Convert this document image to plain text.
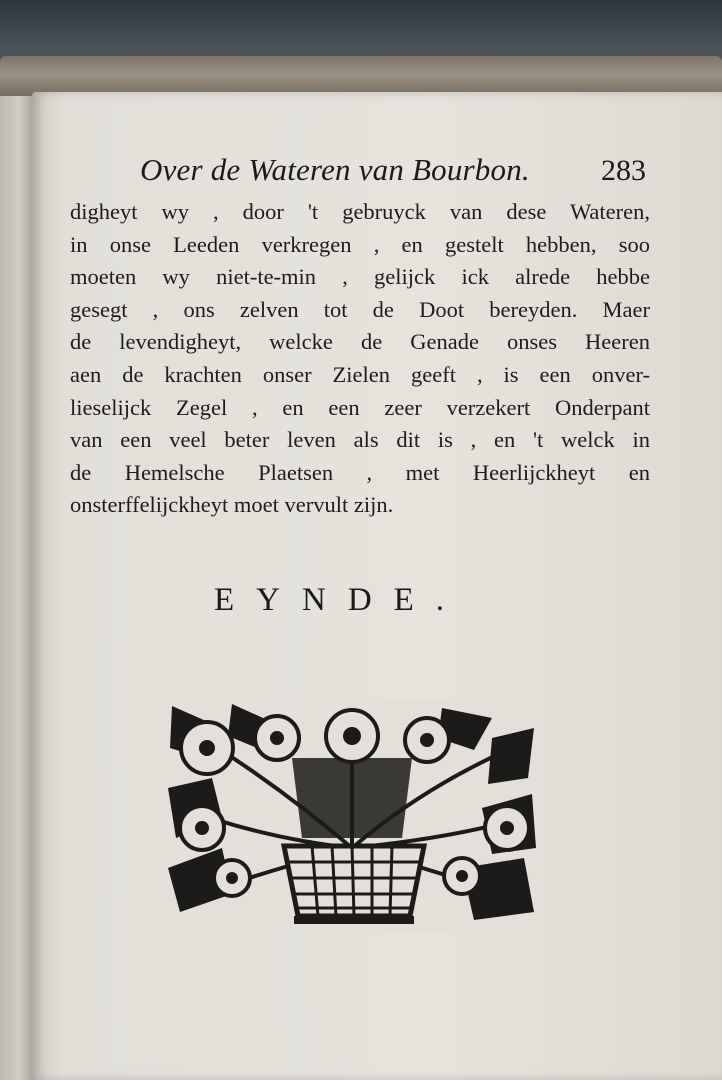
Over de Wateren van Bourbon. 283
digheyt wy , door 't gebruyck van dese Wateren,
in onse Leeden verkregen , en gestelt hebben, soo
moeten wy niet-te-min , gelijck ick alrede hebbe
gesegt , ons zelven tot de Doot bereyden. Maer
de levendigheyt, welcke de Genade onses Heeren
aen de krachten onser Zielen geeft , is een onver-
lieselijck Zegel , en een zeer verzekert Onderpant
van een veel beter leven als dit is , en 't welck in
de Hemelsche Plaetsen , met Heerlijckheyt en
onsterffelijckheyt moet vervult zijn.
EYNDE.
